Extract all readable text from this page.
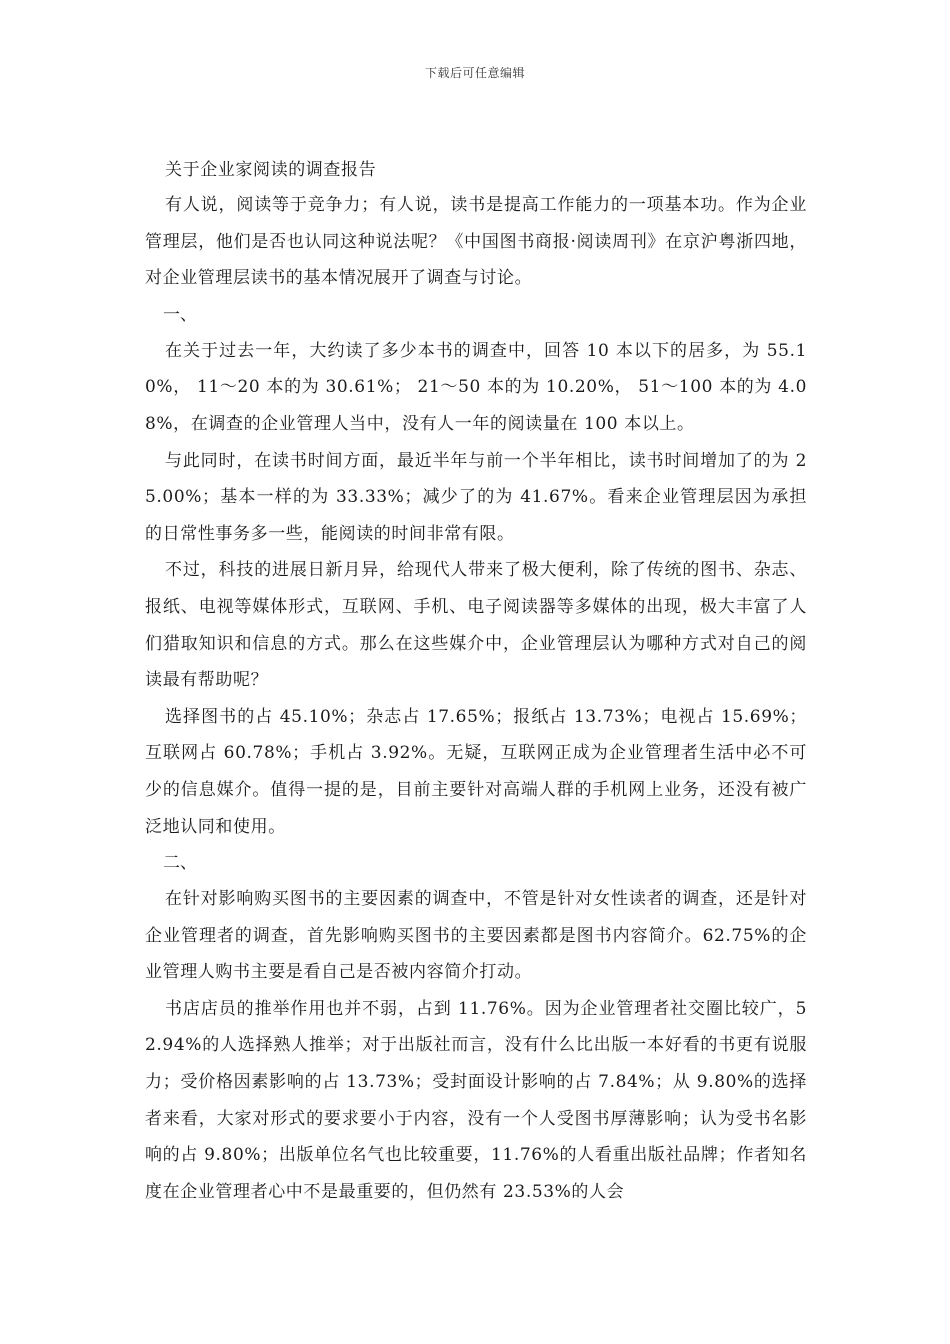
下载后可任意编辑
关于企业家阅读的调查报告

有人说，阅读等于竞争力；有人说，读书是提高工作能力的一项基本功。作为企业管理层，他们是否也认同这种说法呢？《中国图书商报·阅读周刊》在京沪粤浙四地，对企业管理层读书的基本情况展开了调查与讨论。

一、

在关于过去一年，大约读了多少本书的调查中，回答 10 本以下的居多，为 55.10%， 11～20 本的为 30.61%； 21～50 本的为 10.20%， 51～100 本的为 4.08%，在调查的企业管理人当中，没有人一年的阅读量在 100 本以上。

与此同时，在读书时间方面，最近半年与前一个半年相比，读书时间增加了的为 25.00%；基本一样的为 33.33%；减少了的为 41.67%。看来企业管理层因为承担的日常性事务多一些，能阅读的时间非常有限。

不过，科技的进展日新月异，给现代人带来了极大便利，除了传统的图书、杂志、报纸、电视等媒体形式，互联网、手机、电子阅读器等多媒体的出现，极大丰富了人们猎取知识和信息的方式。那么在这些媒介中，企业管理层认为哪种方式对自己的阅读最有帮助呢？

选择图书的占 45.10%；杂志占 17.65%；报纸占 13.73%；电视占 15.69%；互联网占 60.78%；手机占 3.92%。无疑，互联网正成为企业管理者生活中必不可少的信息媒介。值得一提的是，目前主要针对高端人群的手机网上业务，还没有被广泛地认同和使用。

二、

在针对影响购买图书的主要因素的调查中，不管是针对女性读者的调查，还是针对企业管理者的调查，首先影响购买图书的主要因素都是图书内容简介。62.75%的企业管理人购书主要是看自己是否被内容简介打动。

书店店员的推举作用也并不弱，占到 11.76%。因为企业管理者社交圈比较广，52.94%的人选择熟人推举；对于出版社而言，没有什么比出版一本好看的书更有说服力；受价格因素影响的占 13.73%；受封面设计影响的占 7.84%；从 9.80%的选择者来看，大家对形式的要求要小于内容，没有一个人受图书厚薄影响；认为受书名影响的占 9.80%；出版单位名气也比较重要，11.76%的人看重出版社品牌；作者知名度在企业管理者心中不是最重要的，但仍然有 23.53%的人会
